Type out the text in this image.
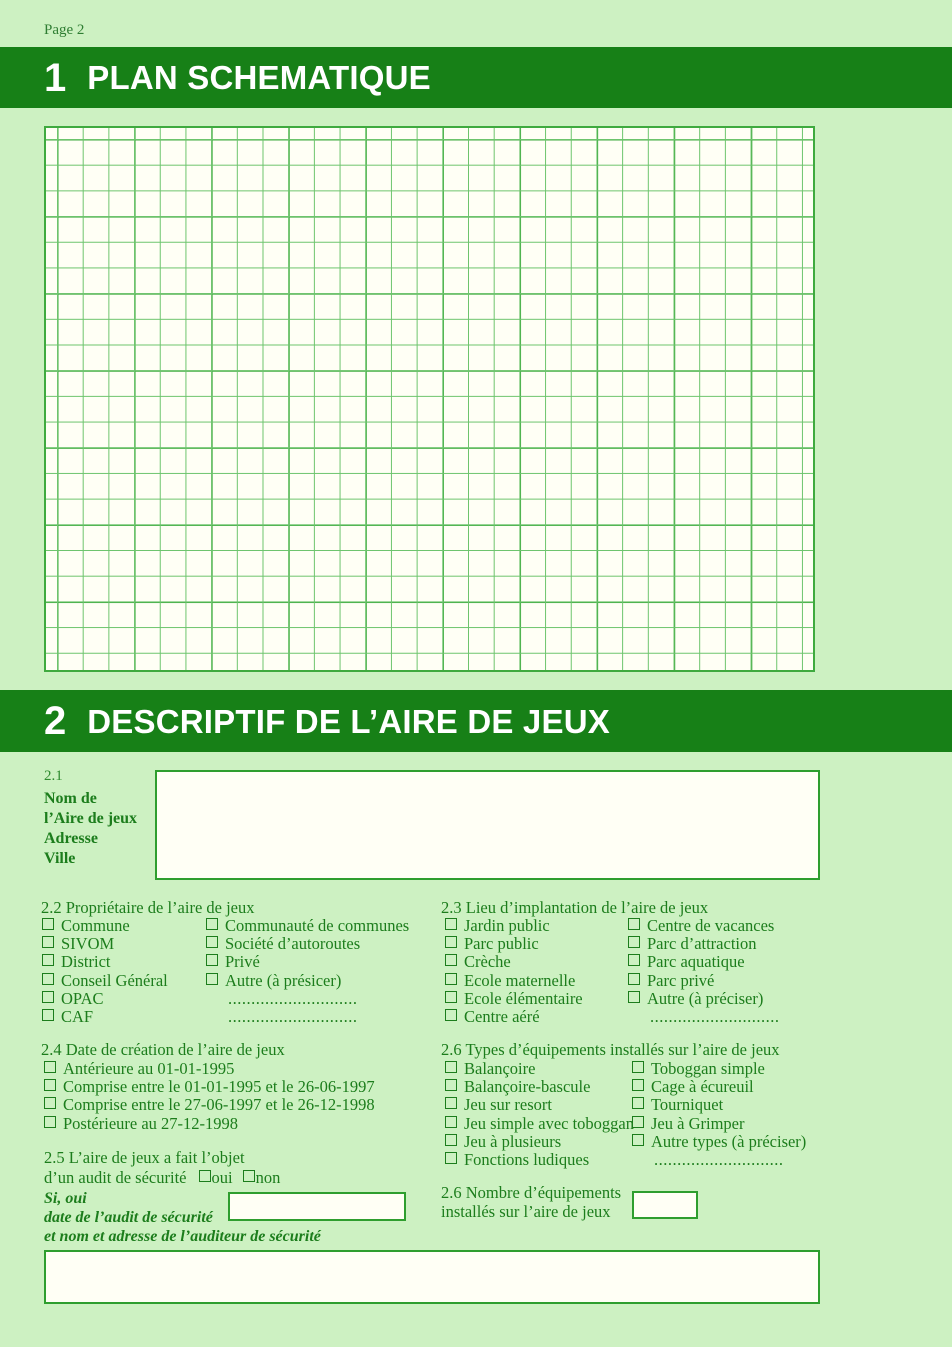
Page 2
1 PLAN SCHEMATIQUE
2 DESCRIPTIF DE L’AIRE DE JEUX
2.1
Nom de
l’Aire de jeux
Adresse
Ville
2.2 Propriétaire de l’aire de jeux
Commune
SIVOM
District
Conseil Général
OPAC
CAF
Communauté de communes
Société d’autoroutes
Privé
Autre (à présicer)
............................
............................
2.3 Lieu d’implantation de l’aire de jeux
Jardin public
Parc public
Crèche
Ecole maternelle
Ecole élémentaire
Centre aéré
Centre de vacances
Parc d’attraction
Parc aquatique
Parc privé
Autre (à préciser)
............................
2.4 Date de création de l’aire de jeux
Antérieure au 01-01-1995
Comprise entre le 01-01-1995 et le 26-06-1997
Comprise entre le 27-06-1997 et le 26-12-1998
Postérieure au 27-12-1998
2.6 Types d’équipements installés sur l’aire de jeux
Balançoire
Balançoire-bascule
Jeu sur resort
Jeu simple avec toboggan
Jeu à plusieurs
Fonctions ludiques
Toboggan simple
Cage à écureuil
Tourniquet
Jeu à Grimper
Autre types (à préciser)
............................
2.5 L’aire de jeux a fait l’objet
d’un audit de sécurité oui non
Si, oui
date de l’audit de sécurité
et nom et adresse de l’auditeur de sécurité
2.6 Nombre d’équipements
installés sur l’aire de jeux
